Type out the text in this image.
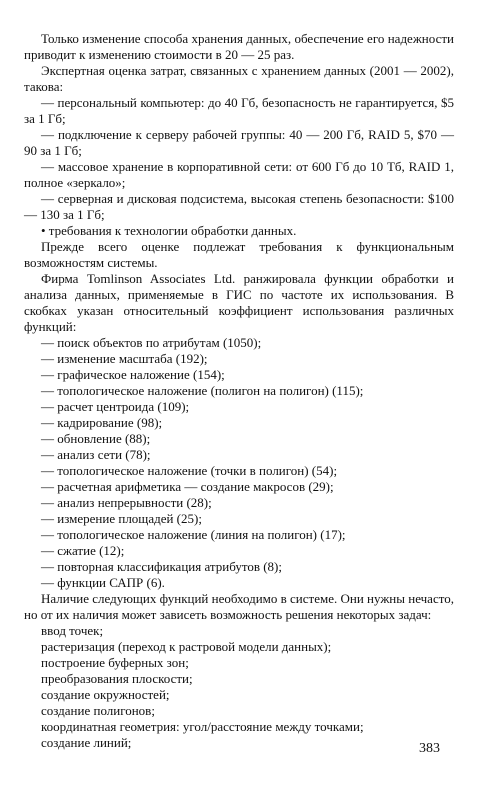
Только изменение способа хранения данных, обеспечение его надежности приводит к изменению стоимости в 20 — 25 раз.

Экспертная оценка затрат, связанных с хранением данных (2001 — 2002), такова:

— персональный компьютер: до 40 Гб, безопасность не гарантируется, $5 за 1 Гб;

— подключение к серверу рабочей группы: 40 — 200 Гб, RAID 5, $70 — 90 за 1 Гб;

— массовое хранение в корпоративной сети: от 600 Гб до 10 Тб, RAID 1, полное «зеркало»;

— серверная и дисковая подсистема, высокая степень безопасности: $100 — 130 за 1 Гб;

• требования к технологии обработки данных.

Прежде всего оценке подлежат требования к функциональным возможностям системы.

Фирма Tomlinson Associates Ltd. ранжировала функции обработки и анализа данных, применяемые в ГИС по частоте их использования. В скобках указан относительный коэффициент использования различных функций:

— поиск объектов по атрибутам (1050);

— изменение масштаба (192);

— графическое наложение (154);

— топологическое наложение (полигон на полигон) (115);

— расчет центроида (109);

— кадрирование (98);

— обновление (88);

— анализ сети (78);

— топологическое наложение (точки в полигон) (54);

— расчетная арифметика — создание макросов (29);

— анализ непрерывности (28);

— измерение площадей (25);

— топологическое наложение (линия на полигон) (17);

— сжатие (12);

— повторная классификация атрибутов (8);

— функции САПР (6).

Наличие следующих функций необходимо в системе. Они нужны нечасто, но от их наличия может зависеть возможность решения некоторых задач:

ввод точек;

растеризация (переход к растровой модели данных);

построение буферных зон;

преобразования плоскости;

создание окружностей;

создание полигонов;

координатная геометрия: угол/расстояние между точками;

создание линий;	383
